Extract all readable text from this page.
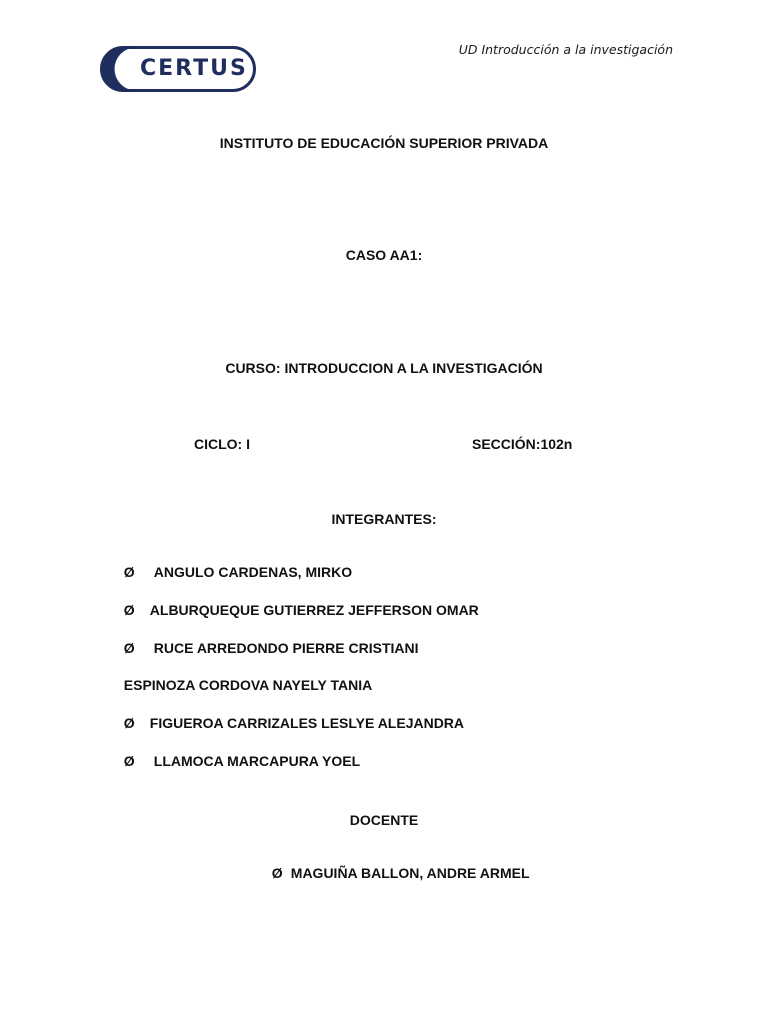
CERTUS
UD Introducción a la investigación
INSTITUTO DE EDUCACIÓN SUPERIOR PRIVADA
CASO AA1:
CURSO: INTRODUCCION A LA INVESTIGACIÓN
CICLO: I	SECCIÓN:102n
INTEGRANTES:

Ø ANGULO CARDENAS, MIRKO

Ø ALBURQUEQUE GUTIERREZ JEFFERSON OMAR

Ø RUCE ARREDONDO PIERRE CRISTIANI

ESPINOZA CORDOVA NAYELY TANIA

Ø FIGUEROA CARRIZALES LESLYE ALEJANDRA

Ø LLAMOCA MARCAPURA YOEL

DOCENTE

Ø MAGUIÑA BALLON, ANDRE ARMEL
